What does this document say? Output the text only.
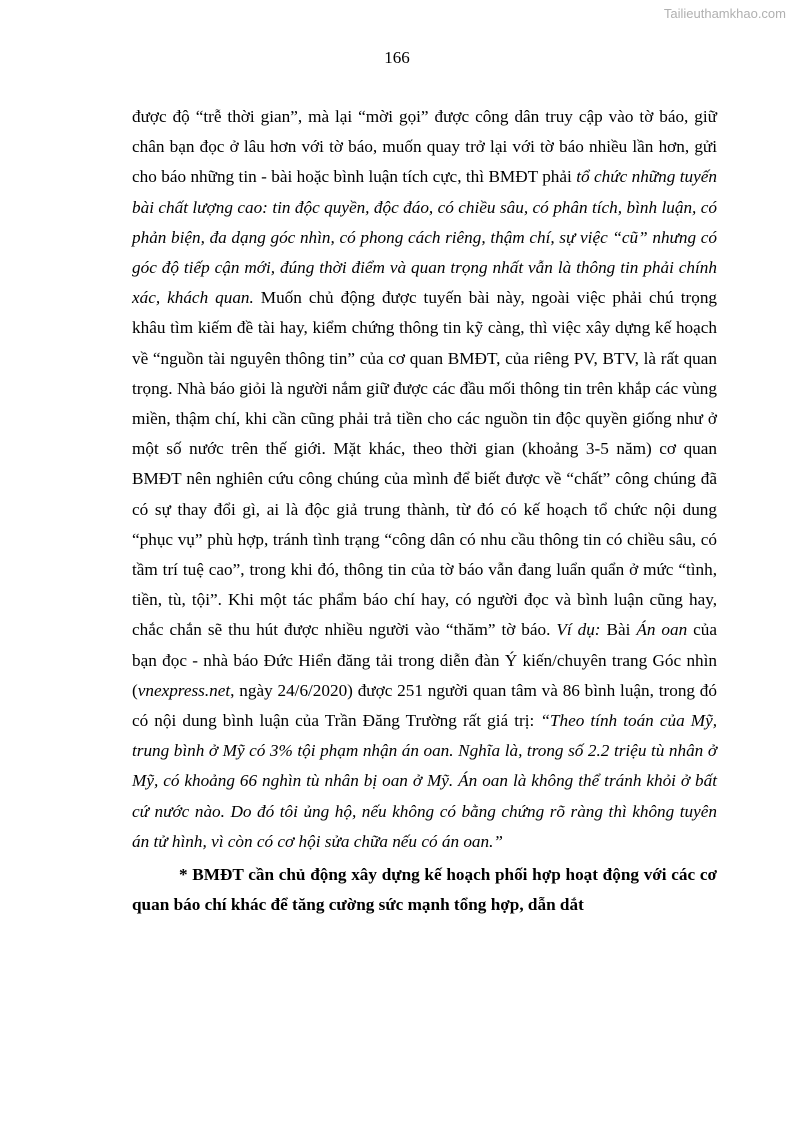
Tailieuthamkhao.com
166

được độ “trễ thời gian”, mà lại “mời gọi” được công dân truy cập vào tờ báo, giữ chân bạn đọc ở lâu hơn với tờ báo, muốn quay trở lại với tờ báo nhiều lần hơn, gửi cho báo những tin - bài hoặc bình luận tích cực, thì BMĐT phải tổ chức những tuyến bài chất lượng cao: tin độc quyền, độc đáo, có chiều sâu, có phân tích, bình luận, có phản biện, đa dạng góc nhìn, có phong cách riêng, thậm chí, sự việc “cũ” nhưng có góc độ tiếp cận mới, đúng thời điểm và quan trọng nhất vẫn là thông tin phải chính xác, khách quan. Muốn chủ động được tuyến bài này, ngoài việc phải chú trọng khâu tìm kiếm đề tài hay, kiểm chứng thông tin kỹ càng, thì việc xây dựng kế hoạch về “nguồn tài nguyên thông tin” của cơ quan BMĐT, của riêng PV, BTV, là rất quan trọng. Nhà báo giỏi là người nắm giữ được các đầu mối thông tin trên khắp các vùng miền, thậm chí, khi cần cũng phải trả tiền cho các nguồn tin độc quyền giống như ở một số nước trên thế giới. Mặt khác, theo thời gian (khoảng 3-5 năm) cơ quan BMĐT nên nghiên cứu công chúng của mình để biết được về “chất” công chúng đã có sự thay đổi gì, ai là độc giả trung thành, từ đó có kế hoạch tổ chức nội dung “phục vụ” phù hợp, tránh tình trạng “công dân có nhu cầu thông tin có chiều sâu, có tầm trí tuệ cao”, trong khi đó, thông tin của tờ báo vẫn đang luẩn quẩn ở mức “tình, tiền, tù, tội”. Khi một tác phẩm báo chí hay, có người đọc và bình luận cũng hay, chắc chắn sẽ thu hút được nhiều người vào “thăm” tờ báo. Ví dụ: Bài Án oan của bạn đọc - nhà báo Đức Hiển đăng tải trong diễn đàn Ý kiến/chuyên trang Góc nhìn (vnexpress.net, ngày 24/6/2020) được 251 người quan tâm và 86 bình luận, trong đó có nội dung bình luận của Trần Đăng Trường rất giá trị: “Theo tính toán của Mỹ, trung bình ở Mỹ có 3% tội phạm nhận án oan. Nghĩa là, trong số 2.2 triệu tù nhân ở Mỹ, có khoảng 66 nghìn tù nhân bị oan ở Mỹ. Án oan là không thể tránh khỏi ở bất cứ nước nào. Do đó tôi ủng hộ, nếu không có bằng chứng rõ ràng thì không tuyên án tử hình, vì còn có cơ hội sửa chữa nếu có án oan.”

* BMĐT cần chủ động xây dựng kế hoạch phối hợp hoạt động với các cơ quan báo chí khác để tăng cường sức mạnh tổng hợp, dẫn dắt
